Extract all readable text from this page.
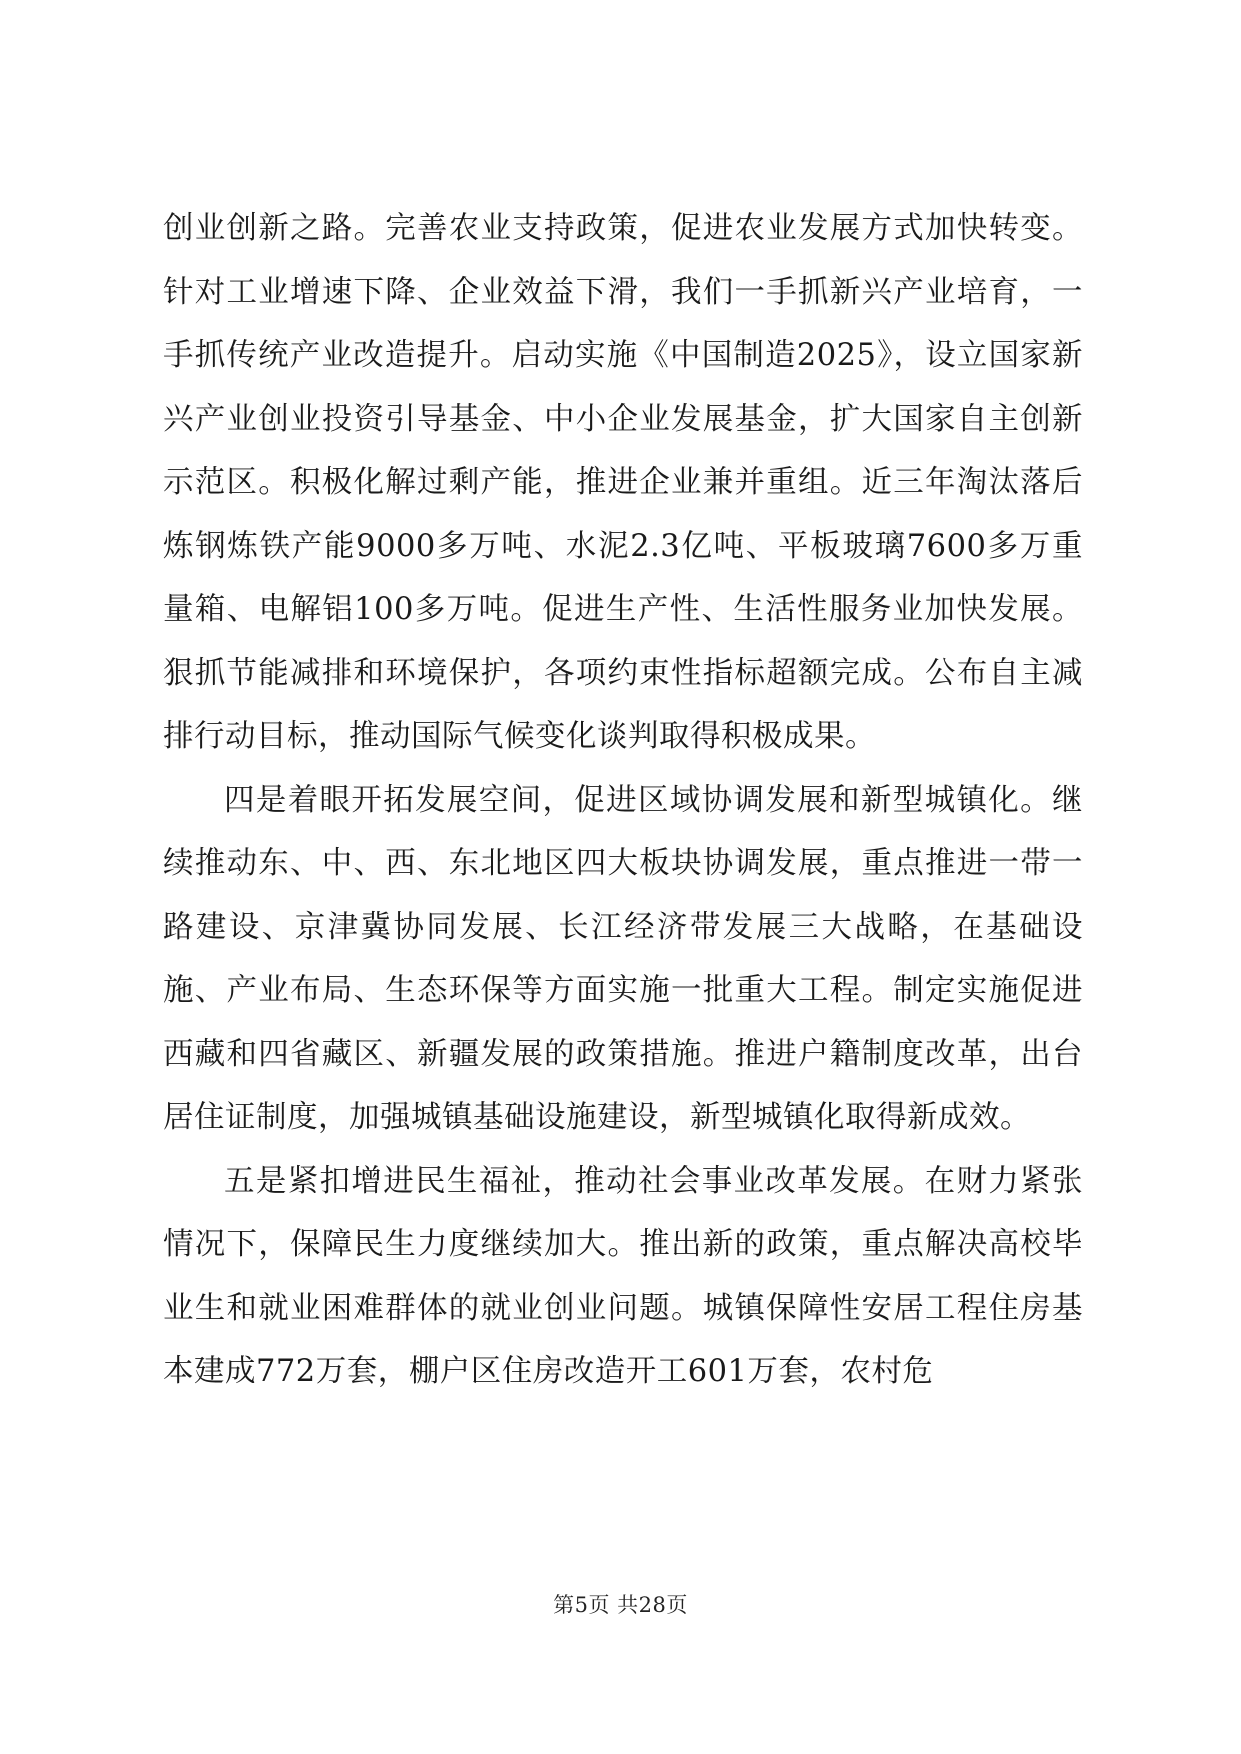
创业创新之路。完善农业支持政策，促进农业发展方式加快转变。针对工业增速下降、企业效益下滑，我们一手抓新兴产业培育，一手抓传统产业改造提升。启动实施《中国制造2025》，设立国家新兴产业创业投资引导基金、中小企业发展基金，扩大国家自主创新示范区。积极化解过剩产能，推进企业兼并重组。近三年淘汰落后炼钢炼铁产能9000多万吨、水泥2.3亿吨、平板玻璃7600多万重量箱、电解铝100多万吨。促进生产性、生活性服务业加快发展。狠抓节能减排和环境保护，各项约束性指标超额完成。公布自主减排行动目标，推动国际气候变化谈判取得积极成果。

四是着眼开拓发展空间，促进区域协调发展和新型城镇化。继续推动东、中、西、东北地区四大板块协调发展，重点推进一带一路建设、京津冀协同发展、长江经济带发展三大战略，在基础设施、产业布局、生态环保等方面实施一批重大工程。制定实施促进西藏和四省藏区、新疆发展的政策措施。推进户籍制度改革，出台居住证制度，加强城镇基础设施建设，新型城镇化取得新成效。

五是紧扣增进民生福祉，推动社会事业改革发展。在财力紧张情况下，保障民生力度继续加大。推出新的政策，重点解决高校毕业生和就业困难群体的就业创业问题。城镇保障性安居工程住房基本建成772万套，棚户区住房改造开工601万套，农村危

第5页 共28页
